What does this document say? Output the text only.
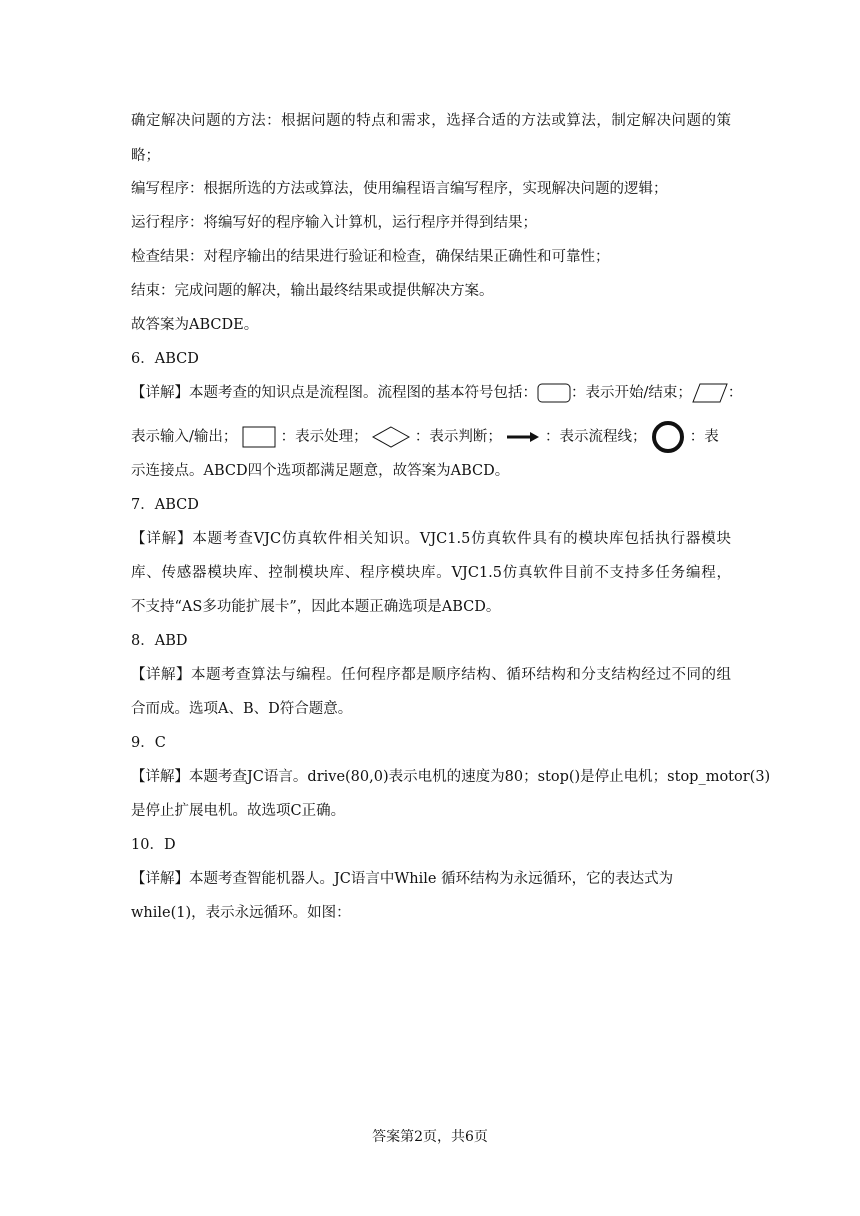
确定解决问题的方法：根据问题的特点和需求，选择合适的方法或算法，制定解决问题的策
略；
编写程序：根据所选的方法或算法，使用编程语言编写程序，实现解决问题的逻辑；
运行程序：将编写好的程序输入计算机，运行程序并得到结果；
检查结果：对程序输出的结果进行验证和检查，确保结果正确性和可靠性；
结束：完成问题的解决，输出最终结果或提供解决方案。
故答案为ABCDE。
6．ABCD
【详解】本题考查的知识点是流程图。流程图的基本符号包括： ：表示开始/结束； ：
表示输入/输出；	：表示处理；	：表示判断；	：表示流程线；	：表
示连接点。ABCD四个选项都满足题意，故答案为ABCD。
7．ABCD
【详解】本题考查VJC仿真软件相关知识。VJC1.5仿真软件具有的模块库包括执行器模块
库、传感器模块库、控制模块库、程序模块库。VJC1.5仿真软件目前不支持多任务编程，
不支持“AS多功能扩展卡”，因此本题正确选项是ABCD。
8．ABD
【详解】本题考查算法与编程。任何程序都是顺序结构、循环结构和分支结构经过不同的组
合而成。选项A、B、D符合题意。
9．C
【详解】本题考查JC语言。drive(80,0)表示电机的速度为80；stop()是停止电机；stop_motor(3)
是停止扩展电机。故选项C正确。
10．D
【详解】本题考查智能机器人。JC语言中While 循环结构为永远循环，它的表达式为
while(1)，表示永远循环。如图：
答案第2页，共6页
